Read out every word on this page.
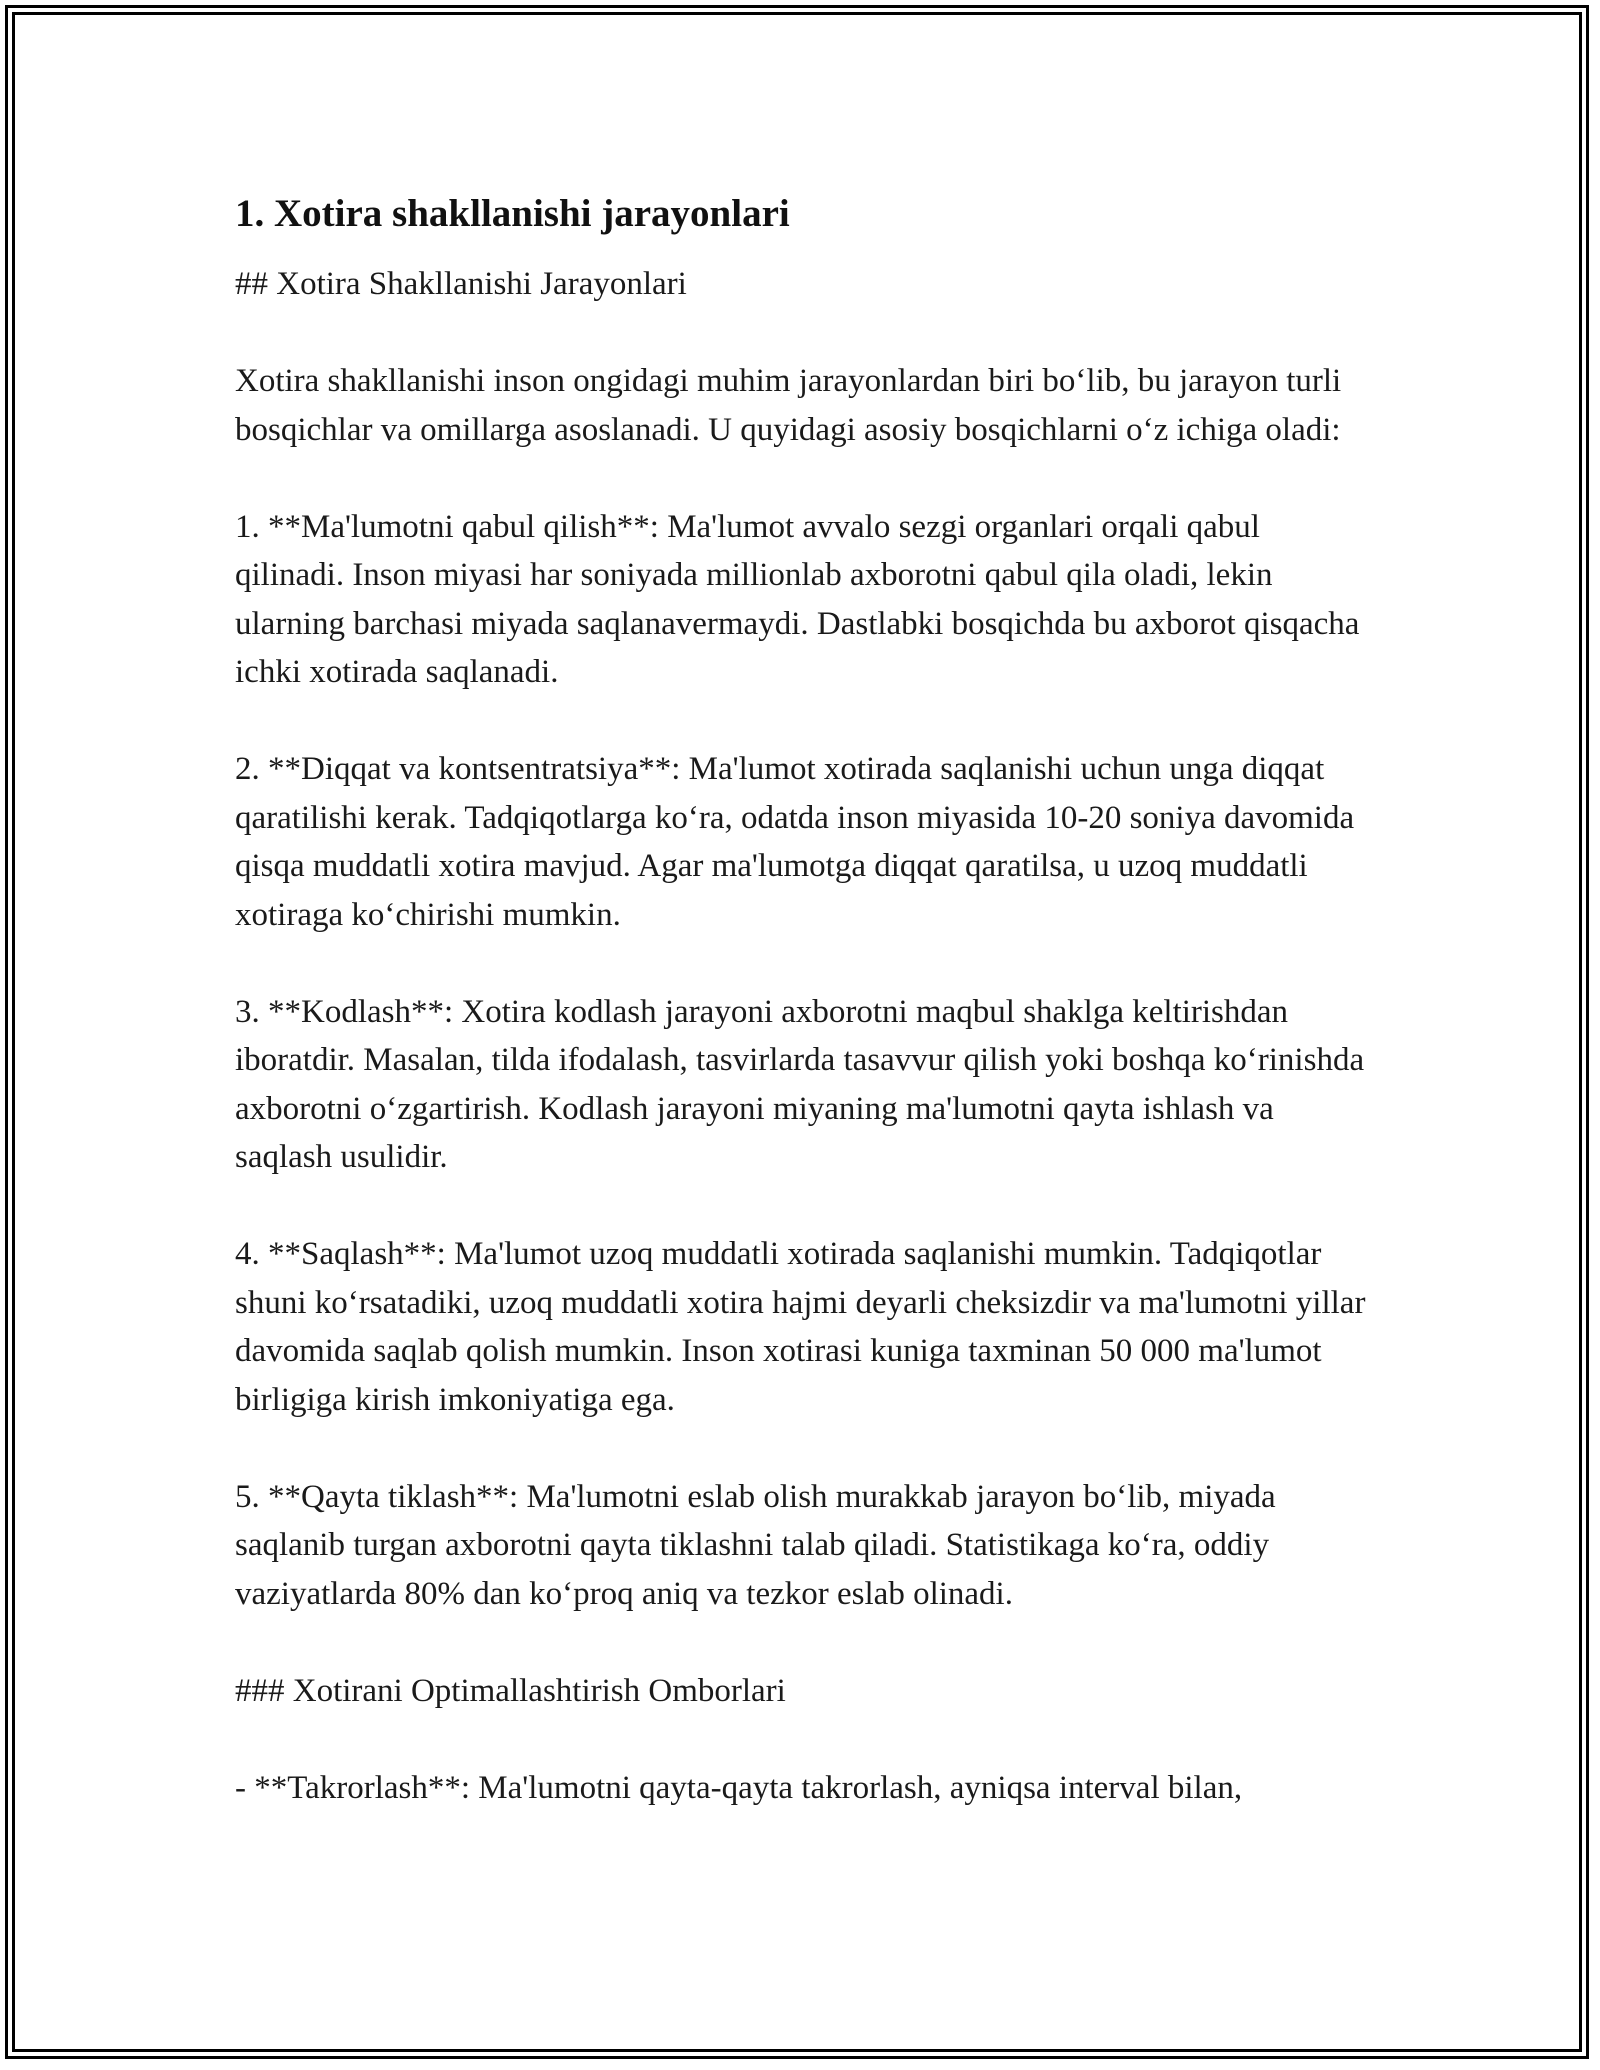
1. Xotira shakllanishi jarayonlari
## Xotira Shakllanishi Jarayonlari
Xotira shakllanishi inson ongidagi muhim jarayonlardan biri bo‘lib, bu jarayon turli bosqichlar va omillarga asoslanadi. U quyidagi asosiy bosqichlarni o‘z ichiga oladi:
1. **Ma'lumotni qabul qilish**: Ma'lumot avvalo sezgi organlari orqali qabul qilinadi. Inson miyasi har soniyada millionlab axborotni qabul qila oladi, lekin ularning barchasi miyada saqlanavermaydi. Dastlabki bosqichda bu axborot qisqacha ichki xotirada saqlanadi.
2. **Diqqat va kontsentratsiya**: Ma'lumot xotirada saqlanishi uchun unga diqqat qaratilishi kerak. Tadqiqotlarga ko‘ra, odatda inson miyasida 10-20 soniya davomida qisqa muddatli xotira mavjud. Agar ma'lumotga diqqat qaratilsa, u uzoq muddatli xotiraga ko‘chirishi mumkin.
3. **Kodlash**: Xotira kodlash jarayoni axborotni maqbul shaklga keltirishdan iboratdir. Masalan, tilda ifodalash, tasvirlarda tasavvur qilish yoki boshqa ko‘rinishda axborotni o‘zgartirish. Kodlash jarayoni miyaning ma'lumotni qayta ishlash va saqlash usulidir.
4. **Saqlash**: Ma'lumot uzoq muddatli xotirada saqlanishi mumkin. Tadqiqotlar shuni ko‘rsatadiki, uzoq muddatli xotira hajmi deyarli cheksizdir va ma'lumotni yillar davomida saqlab qolish mumkin. Inson xotirasi kuniga taxminan 50 000 ma'lumot birligiga kirish imkoniyatiga ega.
5. **Qayta tiklash**: Ma'lumotni eslab olish murakkab jarayon bo‘lib, miyada saqlanib turgan axborotni qayta tiklashni talab qiladi. Statistikaga ko‘ra, oddiy vaziyatlarda 80% dan ko‘proq aniq va tezkor eslab olinadi.
### Xotirani Optimallashtirish Omborlari
- **Takrorlash**: Ma'lumotni qayta-qayta takrorlash, ayniqsa interval bilan,
